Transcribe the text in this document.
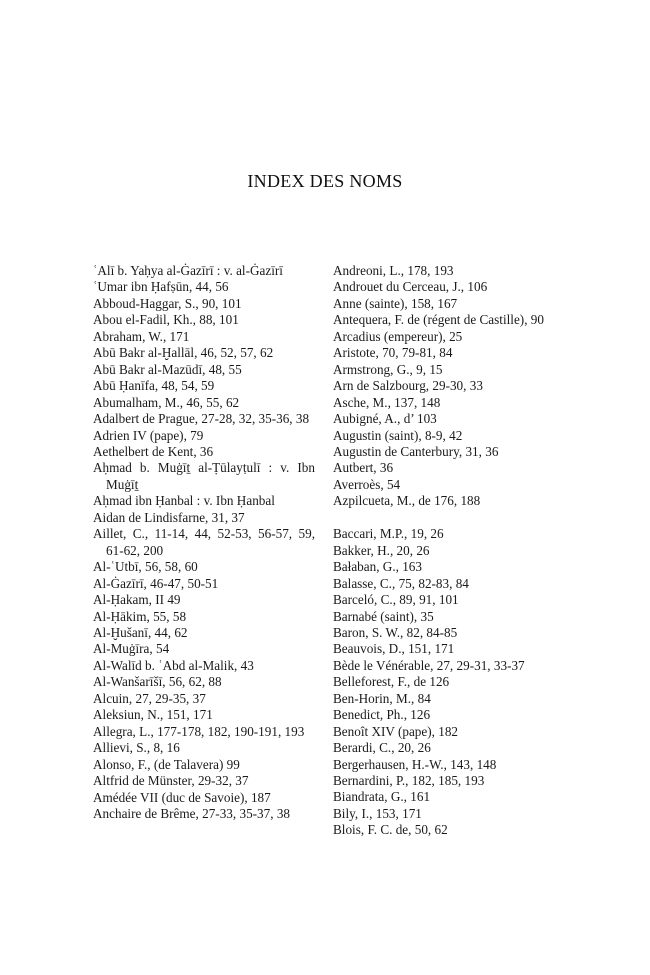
INDEX DES NOMS
ʿAlī b. Yaḥya al-Ġazīrī : v. al-Ġazīrī
ʿUmar ibn Ḥafṣūn, 44, 56
Abboud-Haggar, S., 90, 101
Abou el-Fadil, Kh., 88, 101
Abraham, W., 171
Abū Bakr al-Ḫallāl, 46, 52, 57, 62
Abū Bakr al-Mazūdī, 48, 55
Abū Ḥanīfa, 48, 54, 59
Abumalham, M., 46, 55, 62
Adalbert de Prague, 27-28, 32, 35-36, 38
Adrien IV (pape), 79
Aethelbert de Kent, 36
Aḥmad b. Muġīṯ al-Ṭūlayṭulī : v. Ibn Muġīṯ
Aḥmad ibn Ḥanbal : v. Ibn Ḥanbal
Aidan de Lindisfarne, 31, 37
Aillet, C., 11-14, 44, 52-53, 56-57, 59, 61-62, 200
Al-ʿUtbī, 56, 58, 60
Al-Ġazīrī, 46-47, 50-51
Al-Ḥakam, II 49
Al-Ḥākim, 55, 58
Al-Ḫušanī, 44, 62
Al-Muġīra, 54
Al-Walīd b. ʿAbd al-Malik, 43
Al-Wanšarīšī, 56, 62, 88
Alcuin, 27, 29-35, 37
Aleksiun, N., 151, 171
Allegra, L., 177-178, 182, 190-191, 193
Allievi, S., 8, 16
Alonso, F., (de Talavera) 99
Altfrid de Münster, 29-32, 37
Amédée VII (duc de Savoie), 187
Anchaire de Brême, 27-33, 35-37, 38
Andreoni, L., 178, 193
Androuet du Cerceau, J., 106
Anne (sainte), 158, 167
Antequera, F. de (régent de Castille), 90
Arcadius (empereur), 25
Aristote, 70, 79-81, 84
Armstrong, G., 9, 15
Arn de Salzbourg, 29-30, 33
Asche, M., 137, 148
Aubigné, A., d’ 103
Augustin (saint), 8-9, 42
Augustin de Canterbury, 31, 36
Autbert, 36
Averroès, 54
Azpilcueta, M., de 176, 188
Baccari, M.P., 19, 26
Bakker, H., 20, 26
Bałaban, G., 163
Balasse, C., 75, 82-83, 84
Barceló, C., 89, 91, 101
Barnabé (saint), 35
Baron, S. W., 82, 84-85
Beauvois, D., 151, 171
Bède le Vénérable, 27, 29-31, 33-37
Belleforest, F., de 126
Ben-Horin, M., 84
Benedict, Ph., 126
Benoît XIV (pape), 182
Berardi, C., 20, 26
Bergerhausen, H.-W., 143, 148
Bernardini, P., 182, 185, 193
Biandrata, G., 161
Bily, I., 153, 171
Blois, F. C. de, 50, 62
